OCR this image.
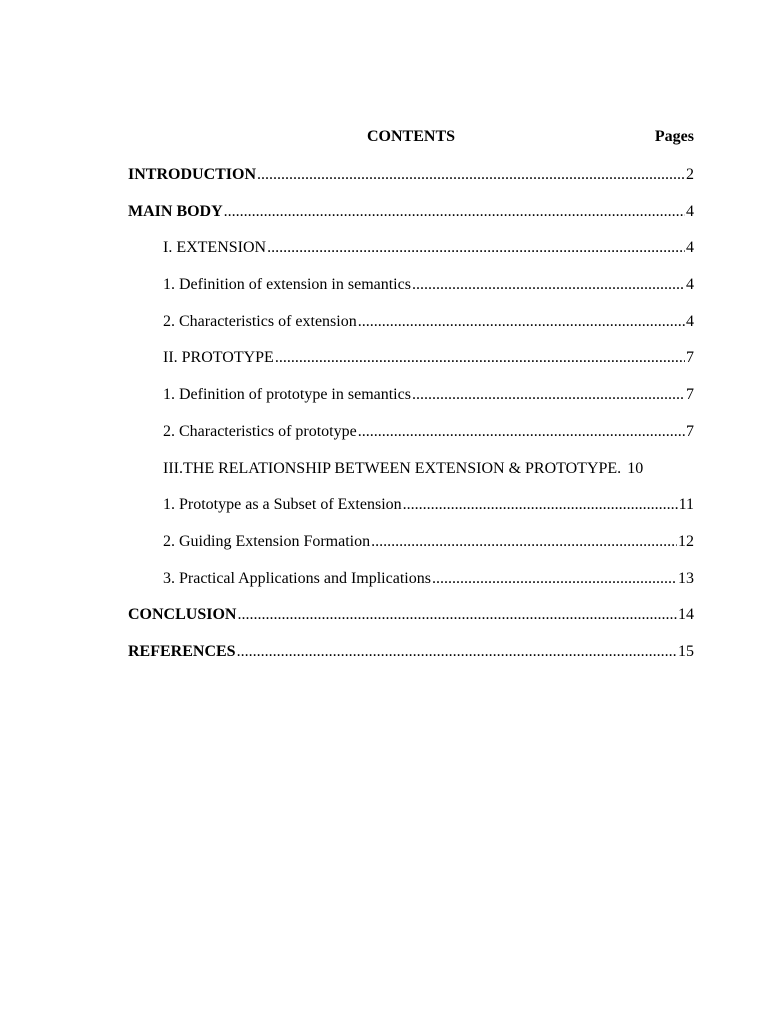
CONTENTS	Pages
INTRODUCTION .....	2
MAIN BODY .....	4
I. EXTENSION .....	4
1. Definition of extension in semantics .....	4
2. Characteristics of extension .....	4
II. PROTOTYPE .....	7
1. Definition of prototype in semantics .....	7
2. Characteristics of prototype .....	7
III.THE RELATIONSHIP BETWEEN EXTENSION & PROTOTYPE. 10
1. Prototype as a Subset of Extension .....	11
2. Guiding Extension Formation .....	12
3. Practical Applications and Implications .....	13
CONCLUSION .....	14
REFERENCES .....	15
